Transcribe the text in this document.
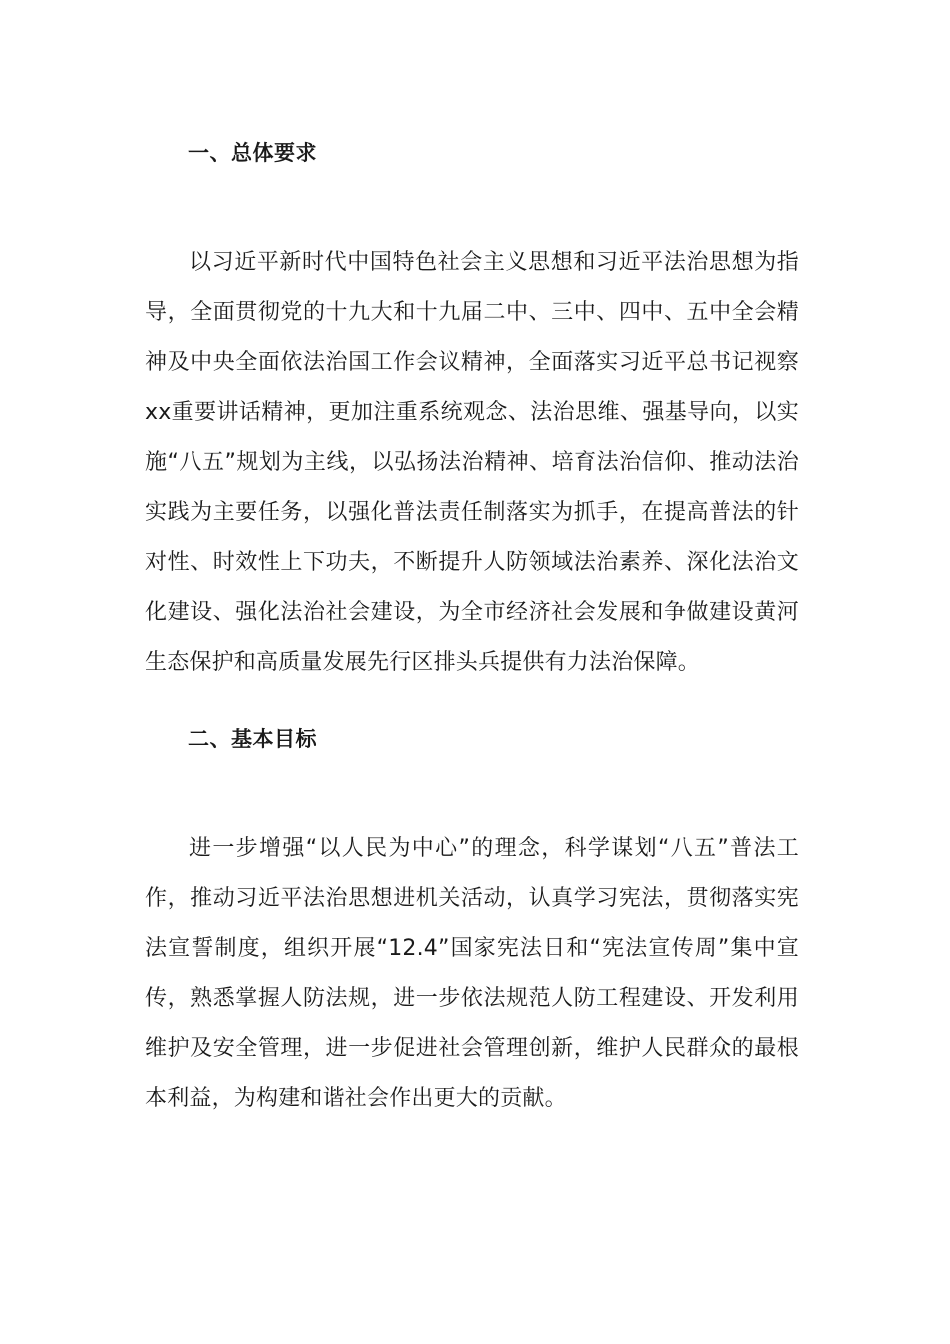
一、总体要求

以习近平新时代中国特色社会主义思想和习近平法治思想为指导，全面贯彻党的十九大和十九届二中、三中、四中、五中全会精神及中央全面依法治国工作会议精神，全面落实习近平总书记视察xx重要讲话精神，更加注重系统观念、法治思维、强基导向，以实施“八五”规划为主线，以弘扬法治精神、培育法治信仰、推动法治实践为主要任务，以强化普法责任制落实为抓手，在提高普法的针对性、时效性上下功夫，不断提升人防领域法治素养、深化法治文化建设、强化法治社会建设，为全市经济社会发展和争做建设黄河生态保护和高质量发展先行区排头兵提供有力法治保障。

二、基本目标

进一步增强“以人民为中心”的理念，科学谋划“八五”普法工作，推动习近平法治思想进机关活动，认真学习宪法，贯彻落实宪法宣誓制度，组织开展“12.4”国家宪法日和“宪法宣传周”集中宣传，熟悉掌握人防法规，进一步依法规范人防工程建设、开发利用维护及安全管理，进一步促进社会管理创新，维护人民群众的最根本利益，为构建和谐社会作出更大的贡献。
